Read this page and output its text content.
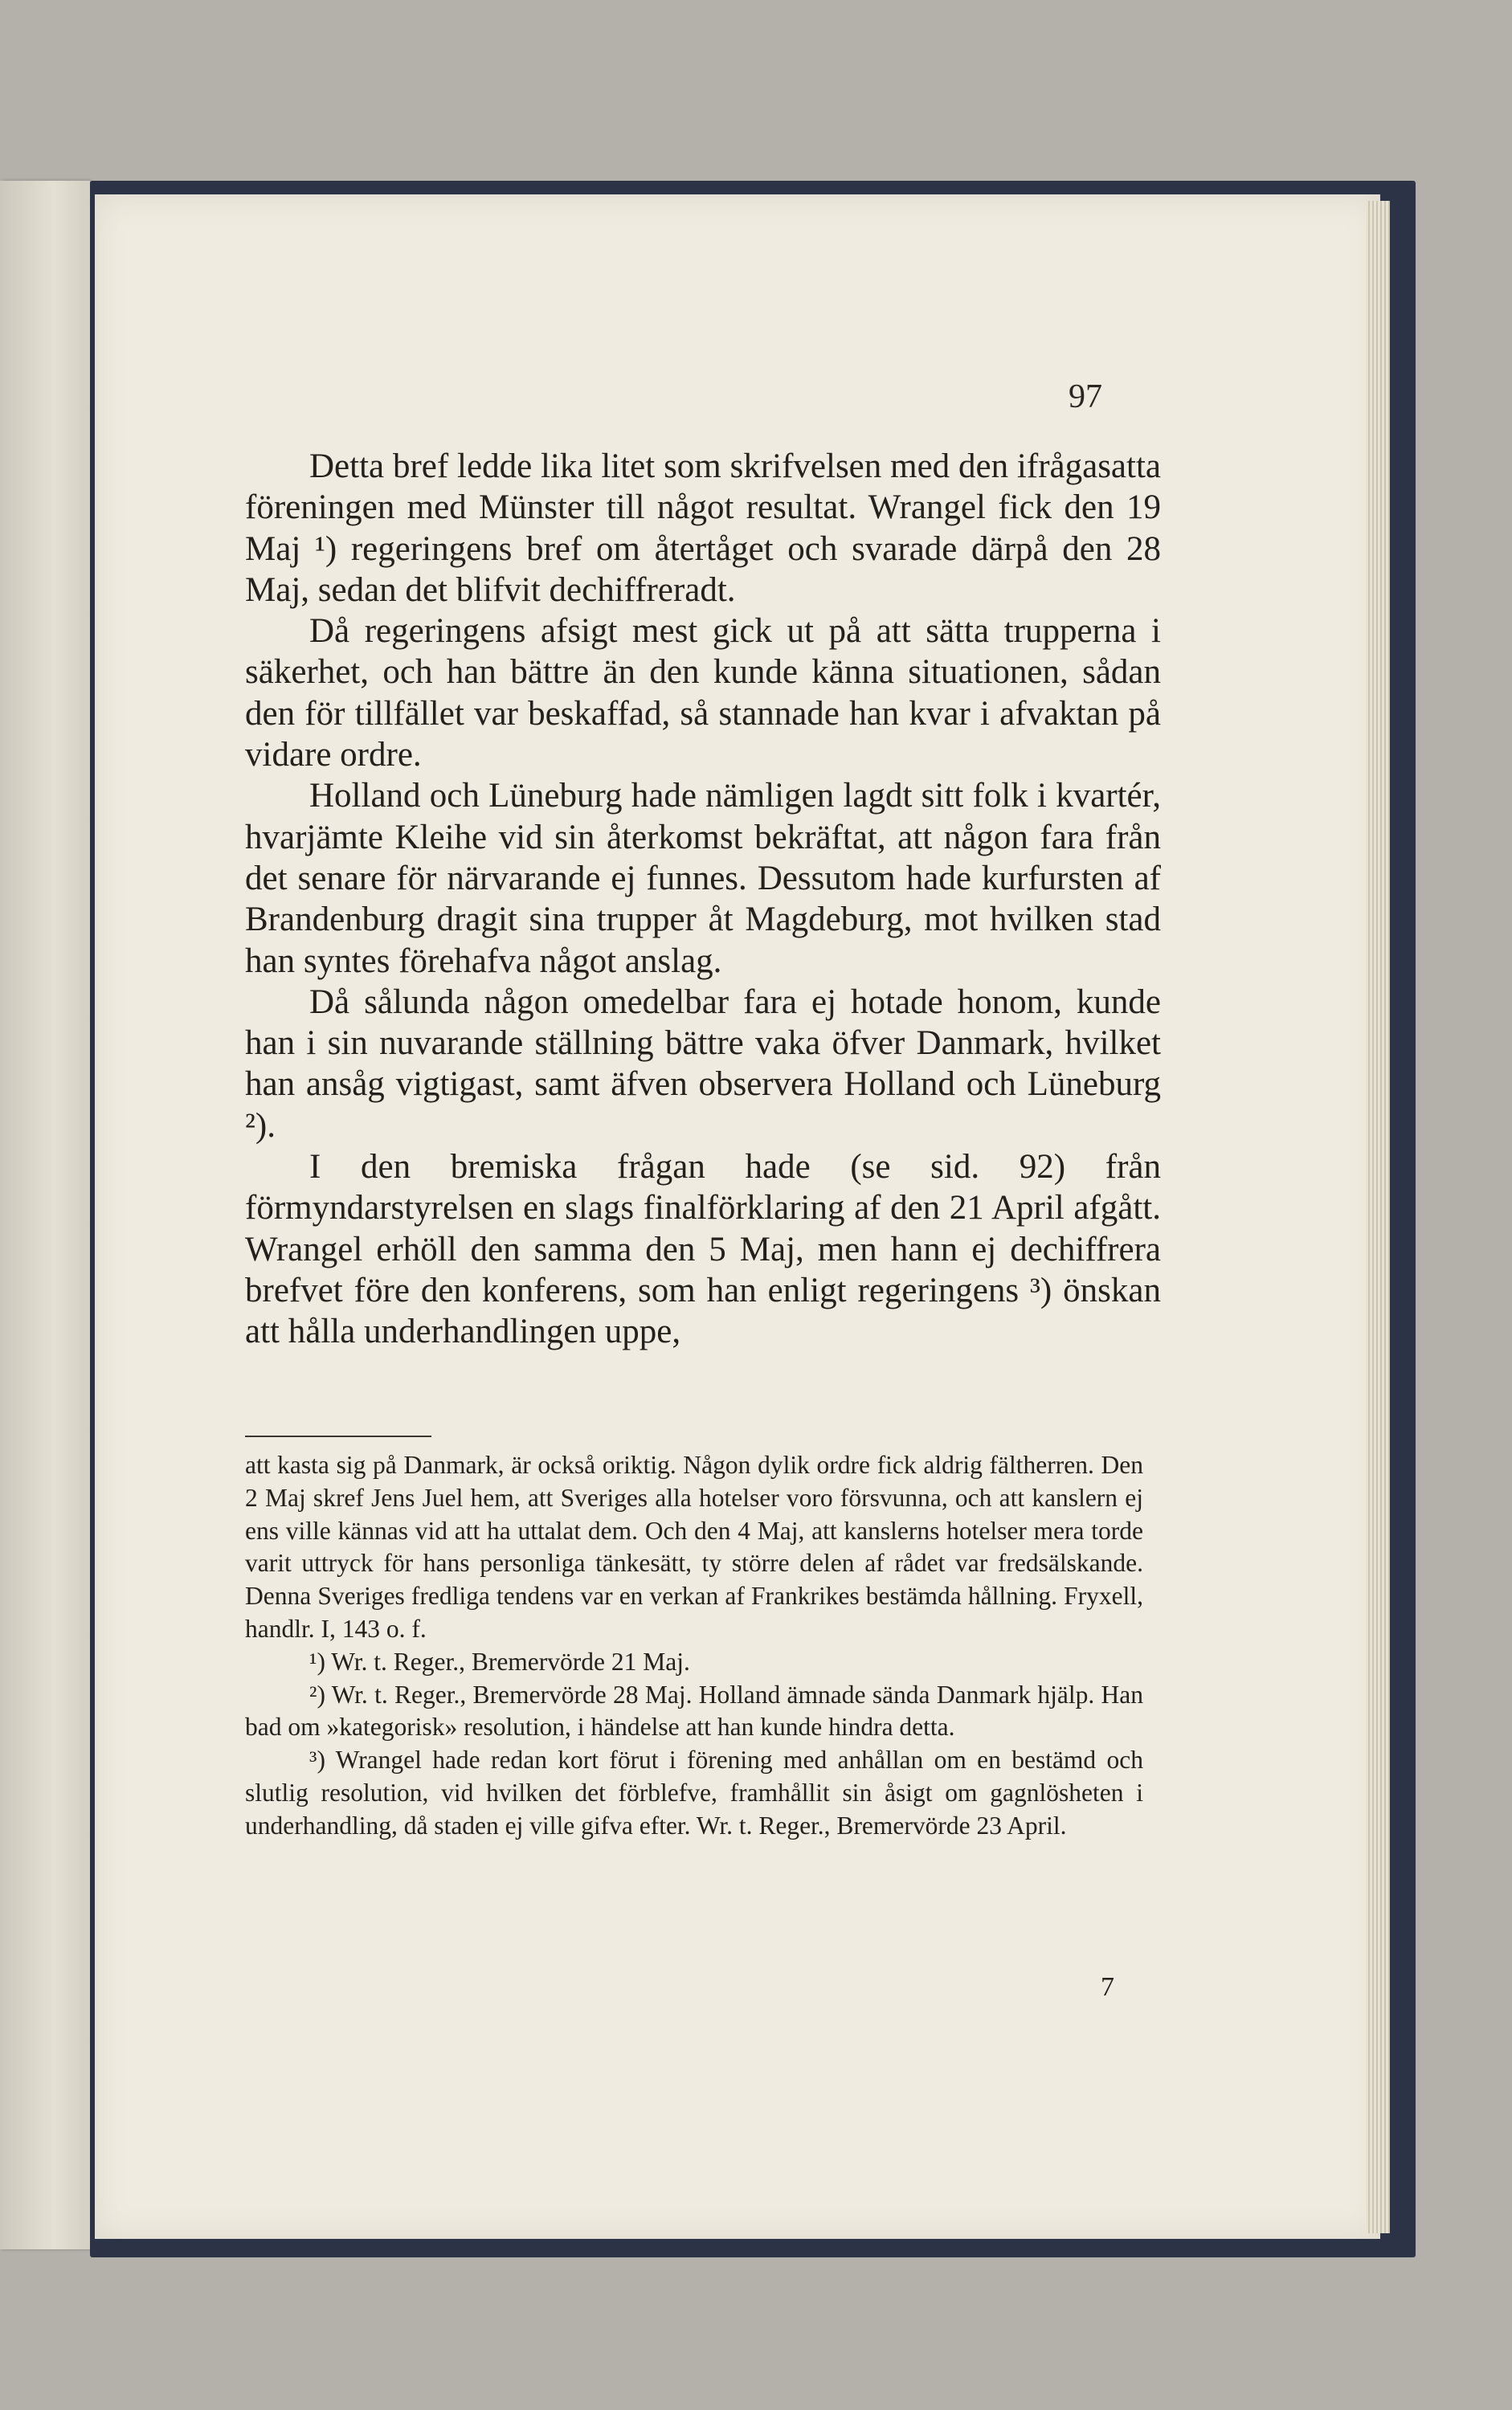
97

Detta bref ledde lika litet som skrifvelsen med den ifrågasatta föreningen med Münster till något resultat. Wrangel fick den 19 Maj ¹) regeringens bref om återtåget och svarade därpå den 28 Maj, sedan det blifvit dechiffreradt.

Då regeringens afsigt mest gick ut på att sätta trupperna i säkerhet, och han bättre än den kunde känna situationen, sådan den för tillfället var beskaffad, så stannade han kvar i afvaktan på vidare ordre.

Holland och Lüneburg hade nämligen lagdt sitt folk i kvartér, hvarjämte Kleihe vid sin återkomst bekräftat, att någon fara från det senare för närvarande ej funnes. Dessutom hade kurfursten af Brandenburg dragit sina trupper åt Magdeburg, mot hvilken stad han syntes förehafva något anslag.

Då sålunda någon omedelbar fara ej hotade honom, kunde han i sin nuvarande ställning bättre vaka öfver Danmark, hvilket han ansåg vigtigast, samt äfven observera Holland och Lüneburg ²).

I den bremiska frågan hade (se sid. 92) från förmyndarstyrelsen en slags finalförklaring af den 21 April afgått. Wrangel erhöll den samma den 5 Maj, men hann ej dechiffrera brefvet före den konferens, som han enligt regeringens ³) önskan att hålla underhandlingen uppe,

att kasta sig på Danmark, är också oriktig. Någon dylik ordre fick aldrig fältherren. Den 2 Maj skref Jens Juel hem, att Sveriges alla hotelser voro försvunna, och att kanslern ej ens ville kännas vid att ha uttalat dem. Och den 4 Maj, att kanslerns hotelser mera torde varit uttryck för hans personliga tänkesätt, ty större delen af rådet var fredsälskande. Denna Sveriges fredliga tendens var en verkan af Frankrikes bestämda hållning. Fryxell, handlr. I, 143 o. f.

¹) Wr. t. Reger., Bremervörde 21 Maj.

²) Wr. t. Reger., Bremervörde 28 Maj. Holland ämnade sända Danmark hjälp. Han bad om »kategorisk» resolution, i händelse att han kunde hindra detta.

³) Wrangel hade redan kort förut i förening med anhållan om en bestämd och slutlig resolution, vid hvilken det förblefve, framhållit sin åsigt om gagnlösheten i underhandling, då staden ej ville gifva efter. Wr. t. Reger., Bremervörde 23 April.

7
